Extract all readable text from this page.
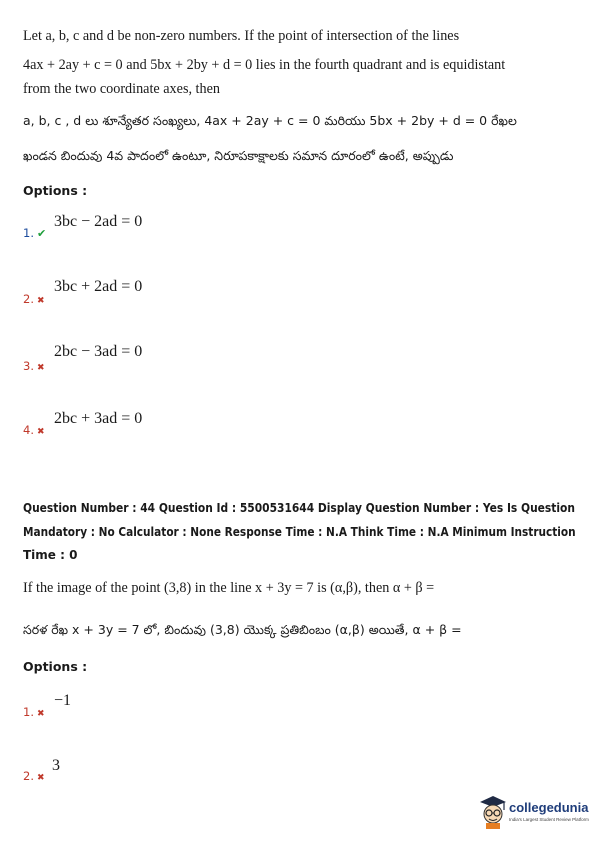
Let a, b, c and d be non-zero numbers. If the point of intersection of the lines
4ax + 2ay + c = 0 and 5bx + 2by + d = 0 lies in the fourth quadrant and is equidistant
from the two coordinate axes, then
a, b, c , d లు శూన్యేతర సంఖ్యలు, 4ax + 2ay + c = 0 మరియు 5bx + 2by + d = 0 రేఖల
ఖండన బిందువు 4వ పాదంలో ఉంటూ, నిరూపకాక్షాలకు సమాన దూరంలో ఉంటే, అప్పుడు
Options :
1. ✔
3bc − 2ad = 0
2. ✖
3bc + 2ad = 0
3. ✖
2bc − 3ad = 0
4. ✖
2bc + 3ad = 0
Question Number : 44 Question Id : 5500531644 Display Question Number : Yes Is Question
Mandatory : No Calculator : None Response Time : N.A Think Time : N.A Minimum Instruction
Time : 0
If the image of the point (3,8) in the line x + 3y = 7 is (α,β), then α + β =
సరళ రేఖ x + 3y = 7 లో, బిందువు (3,8) యొక్క ప్రతిబింబం (α,β) అయితే, α + β =
Options :
1. ✖
−1
2. ✖
3
collegedunia
India's Largest Student Review Platform
